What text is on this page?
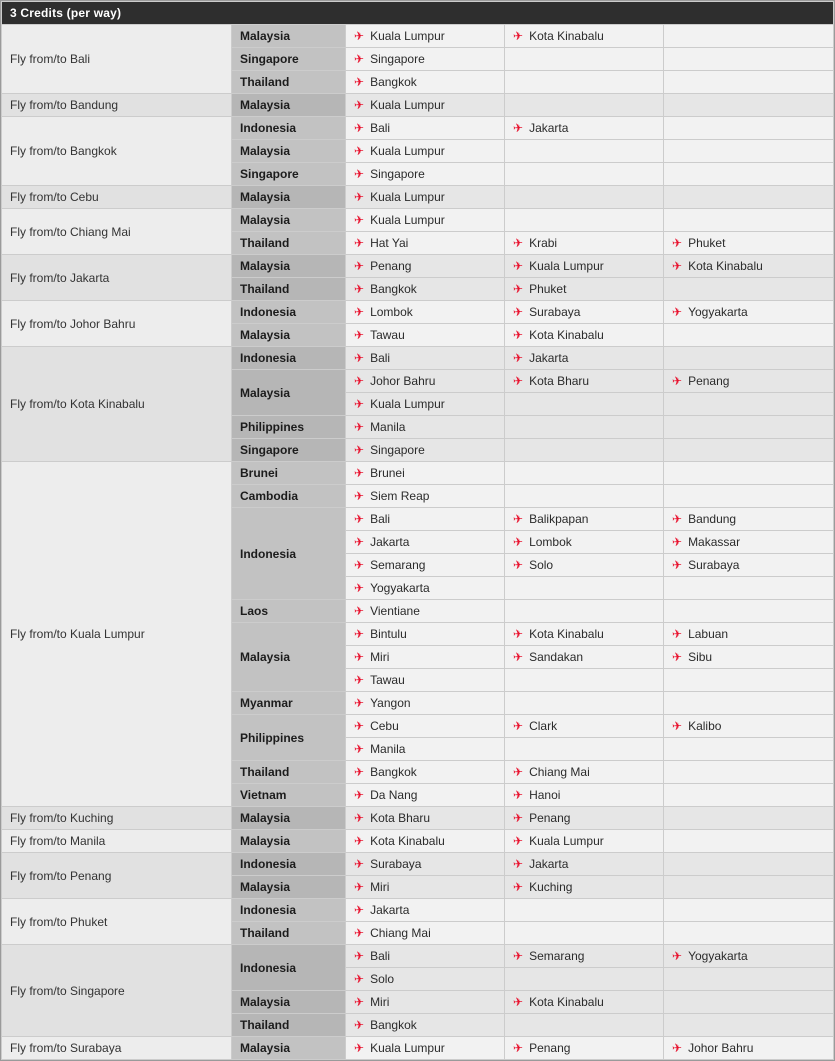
3 Credits (per way)				
Fly from/to Bali	Malaysia	✈ Kuala Lumpur	✈ Kota Kinabalu	
	Singapore	✈ Singapore		
	Thailand	✈ Bangkok		
Fly from/to Bandung	Malaysia	✈ Kuala Lumpur		
Fly from/to Bangkok	Indonesia	✈ Bali	✈ Jakarta	
	Malaysia	✈ Kuala Lumpur		
	Singapore	✈ Singapore		
Fly from/to Cebu	Malaysia	✈ Kuala Lumpur		
Fly from/to Chiang Mai	Malaysia	✈ Kuala Lumpur		
	Thailand	✈ Hat Yai	✈ Krabi	✈ Phuket
Fly from/to Jakarta	Malaysia	✈ Penang	✈ Kuala Lumpur	✈ Kota Kinabalu
	Thailand	✈ Bangkok	✈ Phuket	
Fly from/to Johor Bahru	Indonesia	✈ Lombok	✈ Surabaya	✈ Yogyakarta
	Malaysia	✈ Tawau	✈ Kota Kinabalu	
Fly from/to Kota Kinabalu	Indonesia	✈ Bali	✈ Jakarta	
	Malaysia	✈ Johor Bahru	✈ Kota Bharu	✈ Penang
		✈ Kuala Lumpur		
	Philippines	✈ Manila		
	Singapore	✈ Singapore		
Fly from/to Kuala Lumpur	Brunei	✈ Brunei		
	Cambodia	✈ Siem Reap		
	Indonesia	✈ Bali	✈ Balikpapan	✈ Bandung
		✈ Jakarta	✈ Lombok	✈ Makassar
		✈ Semarang	✈ Solo	✈ Surabaya
		✈ Yogyakarta		
	Laos	✈ Vientiane		
	Malaysia	✈ Bintulu	✈ Kota Kinabalu	✈ Labuan
		✈ Miri	✈ Sandakan	✈ Sibu
		✈ Tawau		
	Myanmar	✈ Yangon		
	Philippines	✈ Cebu	✈ Clark	✈ Kalibo
		✈ Manila		
	Thailand	✈ Bangkok	✈ Chiang Mai	
	Vietnam	✈ Da Nang	✈ Hanoi	
Fly from/to Kuching	Malaysia	✈ Kota Bharu	✈ Penang	
Fly from/to Manila	Malaysia	✈ Kota Kinabalu	✈ Kuala Lumpur	
Fly from/to Penang	Indonesia	✈ Surabaya	✈ Jakarta	
	Malaysia	✈ Miri	✈ Kuching	
Fly from/to Phuket	Indonesia	✈ Jakarta		
	Thailand	✈ Chiang Mai		
Fly from/to Singapore	Indonesia	✈ Bali	✈ Semarang	✈ Yogyakarta
		✈ Solo		
	Malaysia	✈ Miri	✈ Kota Kinabalu	
	Thailand	✈ Bangkok		
Fly from/to Surabaya	Malaysia	✈ Kuala Lumpur	✈ Penang	✈ Johor Bahru
